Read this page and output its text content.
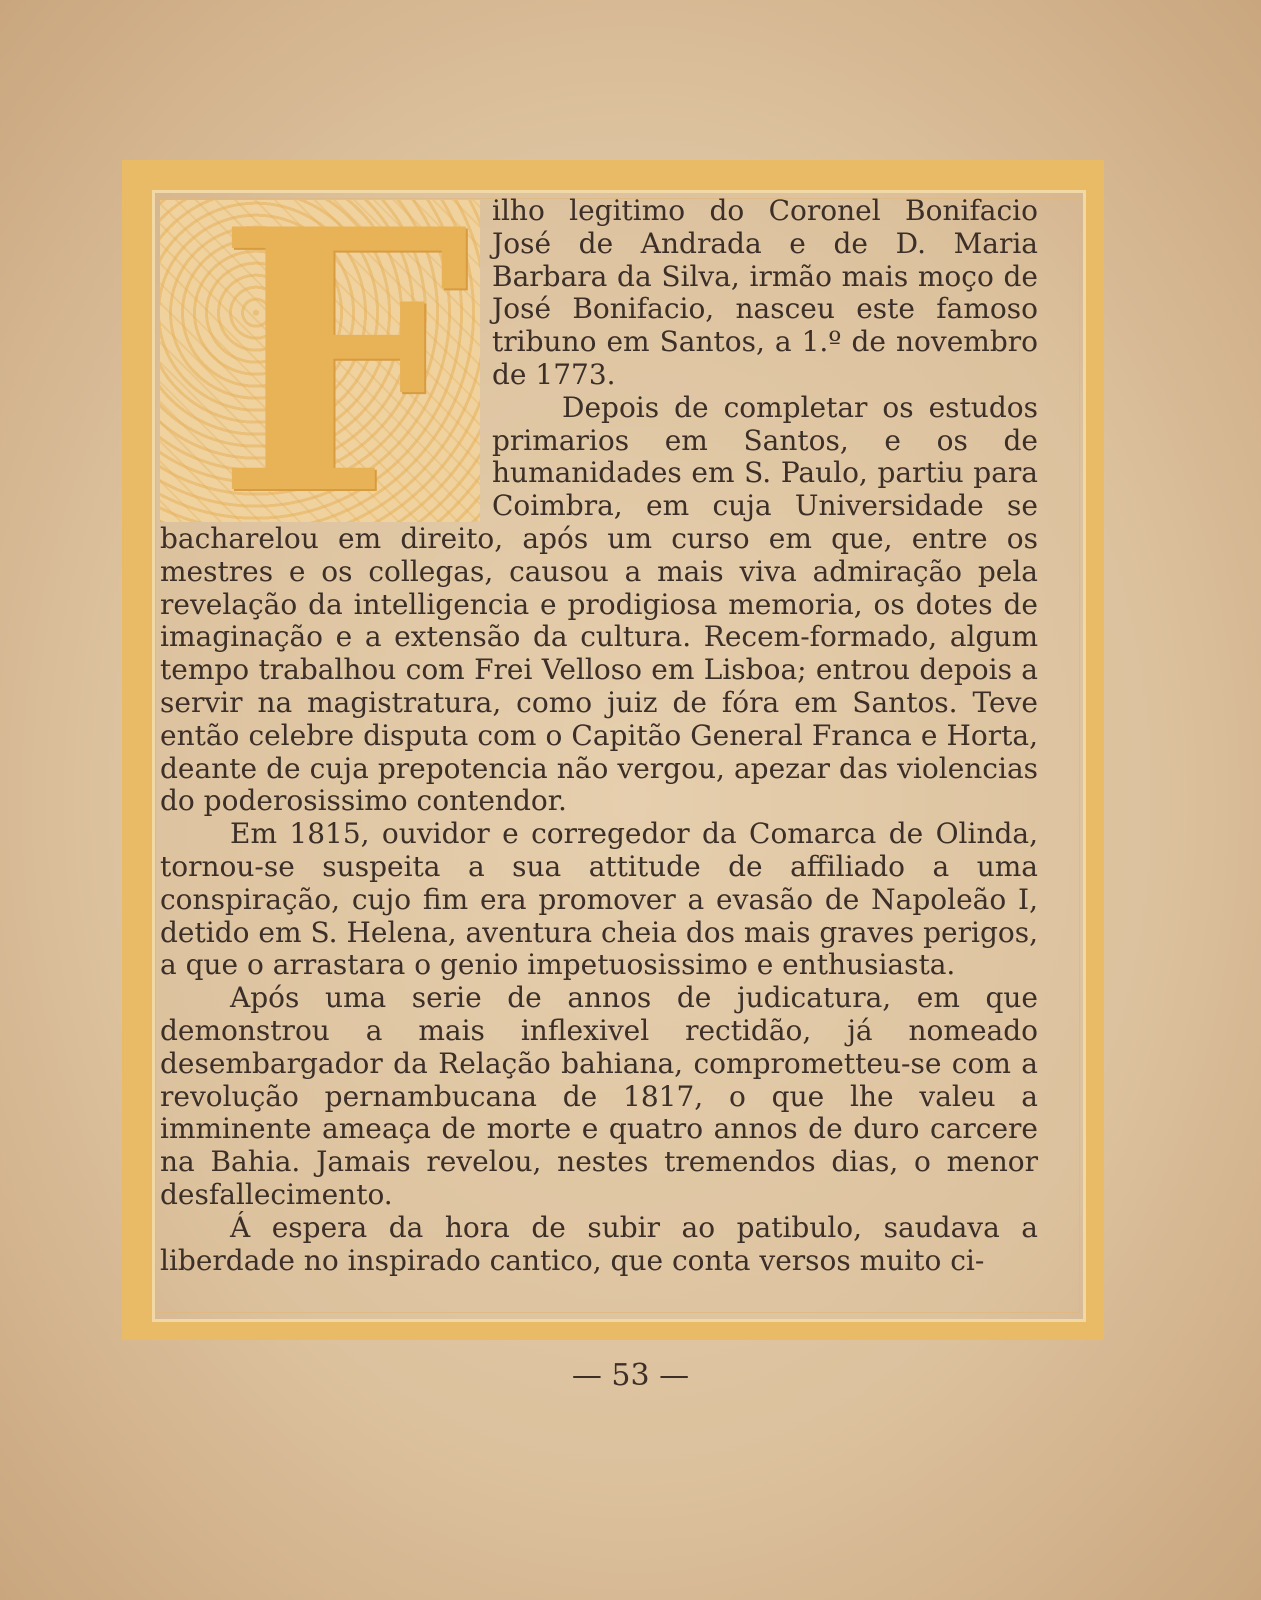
F ilho legitimo do Coronel Bonifacio José de Andrada e de D. Maria Barbara da Silva, irmão mais moço de José Bonifacio, nasceu este famoso tribuno em Santos, a 1.º de novembro de 1773.

Depois de completar os estudos primarios em Santos, e os de humanidades em S. Paulo, partiu para Coimbra, em cuja Universidade se bacharelou em direito, após um curso em que, entre os mestres e os collegas, causou a mais viva admiração pela revelação da intelligencia e prodigiosa memoria, os dotes de imaginação e a extensão da cultura. Recem-formado, algum tempo trabalhou com Frei Velloso em Lisboa; entrou depois a servir na magistratura, como juiz de fóra em Santos. Teve então celebre disputa com o Capitão General Franca e Horta, deante de cuja prepotencia não vergou, apezar das violencias do poderosissimo contendor.

Em 1815, ouvidor e corregedor da Comarca de Olinda, tornou-se suspeita a sua attitude de affiliado a uma conspiração, cujo fim era promover a evasão de Napoleão I, detido em S. Helena, aventura cheia dos mais graves perigos, a que o arrastara o genio impetuosissimo e enthusiasta.

Após uma serie de annos de judicatura, em que demonstrou a mais inflexivel rectidão, já nomeado desembargador da Relação bahiana, comprometteu-se com a revolução pernambucana de 1817, o que lhe valeu a imminente ameaça de morte e quatro annos de duro carcere na Bahia. Jamais revelou, nestes tremendos dias, o menor desfallecimento.

Á espera da hora de subir ao patibulo, saudava a liberdade no inspirado cantico, que conta versos muito ci-

— 53 —
